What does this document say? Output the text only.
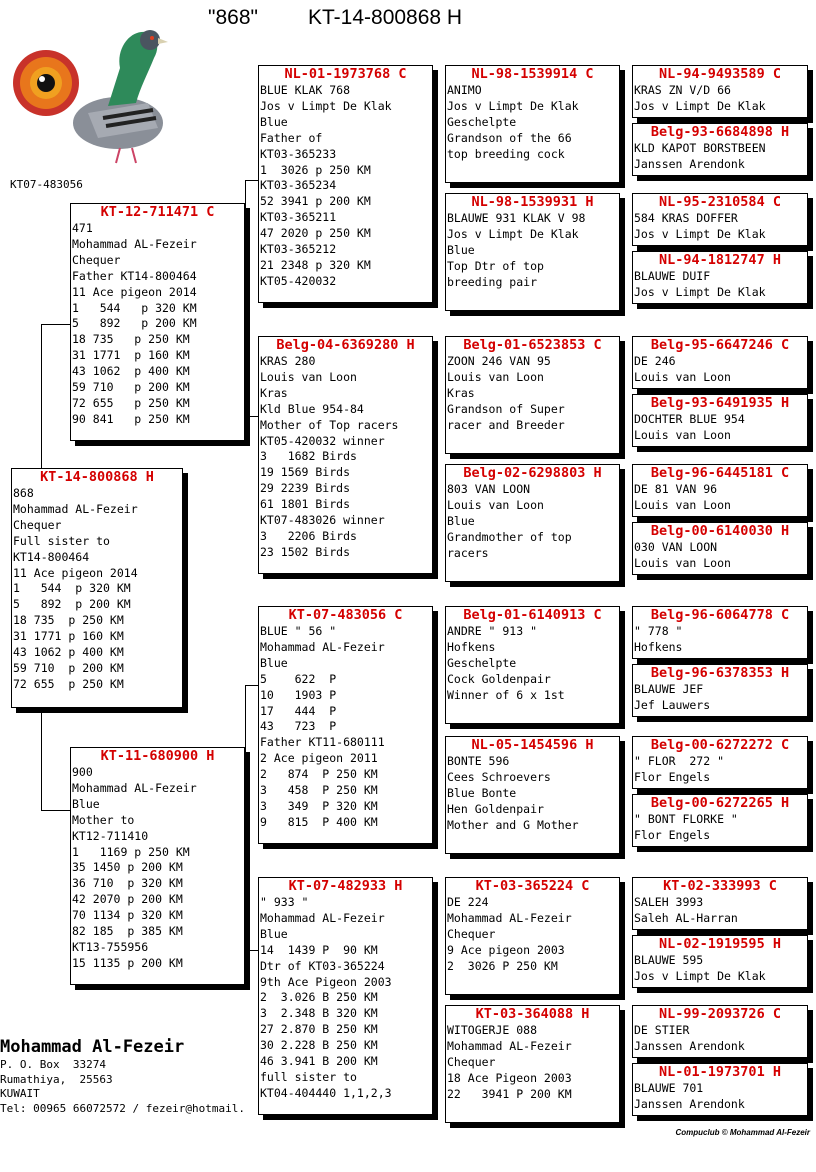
"868" KT-14-800868 H
KT07-483056
KT-14-800868 H
868
Mohammad AL-Fezeir
Chequer
Full sister to
KT14-800464
11 Ace pigeon 2014
1   544  p 320 KM
5   892  p 200 KM
18 735  p 250 KM
31 1771 p 160 KM
43 1062 p 400 KM
59 710  p 200 KM
72 655  p 250 KM
KT-12-711471 C
471
Mohammad AL-Fezeir
Chequer
Father KT14-800464
11 Ace pigeon 2014
1   544   p 320 KM
5   892   p 200 KM
18 735   p 250 KM
31 1771  p 160 KM
43 1062  p 400 KM
59 710   p 200 KM
72 655   p 250 KM
90 841   p 250 KM
KT-11-680900 H
900
Mohammad AL-Fezeir
Blue
Mother to
KT12-711410
1   1169 p 250 KM
35 1450 p 200 KM
36 710  p 320 KM
42 2070 p 200 KM
70 1134 p 320 KM
82 185  p 385 KM
KT13-755956
15 1135 p 200 KM
NL-01-1973768 C
BLUE KLAK 768
Jos v Limpt De Klak
Blue
Father of
KT03-365233
1  3026 p 250 KM
KT03-365234
52 3941 p 200 KM
KT03-365211
47 2020 p 250 KM
KT03-365212
21 2348 p 320 KM
KT05-420032
Belg-04-6369280 H
KRAS 280
Louis van Loon
Kras
Kld Blue 954-84
Mother of Top racers
KT05-420032 winner
3   1682 Birds
19 1569 Birds
29 2239 Birds
61 1801 Birds
KT07-483026 winner
3   2206 Birds
23 1502 Birds
KT-07-483056 C
BLUE " 56 "
Mohammad AL-Fezeir
Blue
5    622  P
10   1903 P
17   444  P
43   723  P
Father KT11-680111
2 Ace pigeon 2011
2   874  P 250 KM
3   458  P 250 KM
3   349  P 320 KM
9   815  P 400 KM
KT-07-482933 H
" 933 "
Mohammad AL-Fezeir
Blue
14  1439 P  90 KM
Dtr of KT03-365224
9th Ace Pigeon 2003
2  3.026 B 250 KM
3  2.348 B 320 KM
27 2.870 B 250 KM
30 2.228 B 250 KM
46 3.941 B 200 KM
full sister to
KT04-404440 1,1,2,3
NL-98-1539914 C
ANIMO
Jos v Limpt De Klak
Geschelpte
Grandson of the 66
top breeding cock
NL-98-1539931 H
BLAUWE 931 KLAK V 98
Jos v Limpt De Klak
Blue
Top Dtr of top
breeding pair
Belg-01-6523853 C
ZOON 246 VAN 95
Louis van Loon
Kras
Grandson of Super
racer and Breeder
Belg-02-6298803 H
803 VAN LOON
Louis van Loon
Blue
Grandmother of top
racers
Belg-01-6140913 C
ANDRE " 913 "
Hofkens
Geschelpte
Cock Goldenpair
Winner of 6 x 1st
NL-05-1454596 H
BONTE 596
Cees Schroevers
Blue Bonte
Hen Goldenpair
Mother and G Mother
KT-03-365224 C
DE 224
Mohammad AL-Fezeir
Chequer
9 Ace pigeon 2003
2  3026 P 250 KM
KT-03-364088 H
WITOGERJE 088
Mohammad AL-Fezeir
Chequer
18 Ace Pigeon 2003
22   3941 P 200 KM
NL-94-9493589 C
KRAS ZN V/D 66
Jos v Limpt De Klak
Belg-93-6684898 H
KLD KAPOT BORSTBEEN
Janssen Arendonk
NL-95-2310584 C
584 KRAS DOFFER
Jos v Limpt De Klak
NL-94-1812747 H
BLAUWE DUIF
Jos v Limpt De Klak
Belg-95-6647246 C
DE 246
Louis van Loon
Belg-93-6491935 H
DOCHTER BLUE 954
Louis van Loon
Belg-96-6445181 C
DE 81 VAN 96
Louis van Loon
Belg-00-6140030 H
030 VAN LOON
Louis van Loon
Belg-96-6064778 C
" 778 "
Hofkens
Belg-96-6378353 H
BLAUWE JEF
Jef Lauwers
Belg-00-6272272 C
" FLOR  272 "
Flor Engels
Belg-00-6272265 H
" BONT FLORKE "
Flor Engels
KT-02-333993 C
SALEH 3993
Saleh AL-Harran
NL-02-1919595 H
BLAUWE 595
Jos v Limpt De Klak
NL-99-2093726 C
DE STIER
Janssen Arendonk
NL-01-1973701 H
BLAUWE 701
Janssen Arendonk
Mohammad Al-Fezeir
P. O. Box  33274
Rumathiya,  25563
KUWAIT
Tel: 00965 66072572 / fezeir@hotmail.
Compuclub © Mohammad Al-Fezeir
